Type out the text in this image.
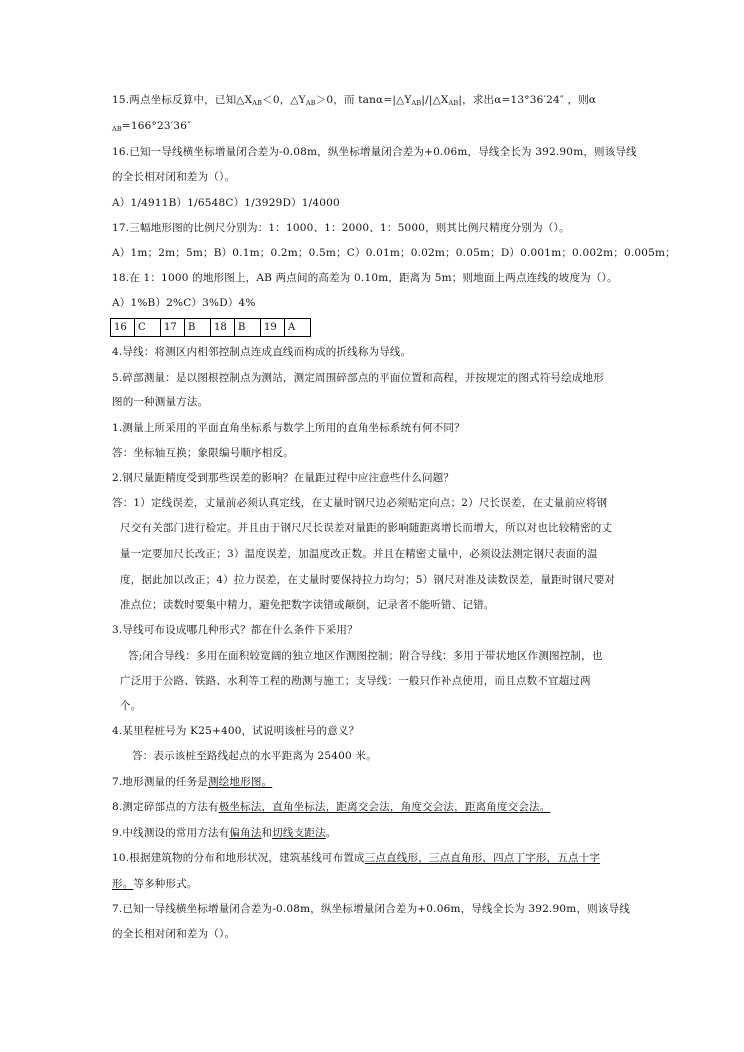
15.两点坐标反算中，已知$\triangle X_{AB}<0$，$\triangle Y_{AB}>0$，而 $\tan\alpha=|\triangle Y_{AB}|/|\triangle X_{AB}|$，求出α=13°36′24″ ，则α
$_{AB}$=166°23′36″
16.已知一导线横坐标增量闭合差为-0.08m，纵坐标增量闭合差为+0.06m，导线全长为 392.90m，则该导线
的全长相对闭和差为（）。
A）1/4911B）1/6548C）1/3929D）1/4000
17.三幅地形图的比例尺分别为：1：1000、1：2000、1：5000，则其比例尺精度分别为（）。
A）1m；2m；5m；B）0.1m；0.2m；0.5m；C）0.01m；0.02m；0.05m；D）0.001m；0.002m；0.005m；
18.在 1：1000 的地形图上，AB 两点间的高差为 0.10m，距离为 5m；则地面上两点连线的坡度为（）。
A）1%B）2%C）3%D）4%
16	C	17	B	18	B	19	A
4.导线：将测区内相邻控制点连成直线而构成的折线称为导线。
5.碎部测量：是以图根控制点为测站，测定周围碎部点的平面位置和高程，并按规定的图式符号绘成地形
图的一种测量方法。
1.测量上所采用的平面直角坐标系与数学上所用的直角坐标系统有何不同？
答：坐标轴互换；象限编号顺序相反。
2.钢尺量距精度受到那些误差的影响？在量距过程中应注意些什么问题？
答：1）定线误差，丈量前必须认真定线，在丈量时钢尺边必须贴定向点；2）尺长误差，在丈量前应将钢
尺交有关部门进行检定。并且由于钢尺尺长误差对量距的影响随距离增长而增大，所以对也比较精密的丈
量一定要加尺长改正；3）温度误差，加温度改正数。并且在精密丈量中，必须设法测定钢尺表面的温
度，据此加以改正；4）拉力误差，在丈量时要保持拉力均匀；5）钢尺对准及读数误差，量距时钢尺要对
准点位；读数时要集中精力，避免把数字读错或颠倒，记录者不能听错、记错。
3.导线可布设成哪几种形式？都在什么条件下采用？
答;闭合导线：多用在面积较宽阔的独立地区作测图控制；附合导线：多用于带状地区作测图控制，也
广泛用于公路、铁路、水利等工程的勘测与施工；支导线：一般只作补点使用，而且点数不宜超过两
个。
4.某里程桩号为 K25+400，试说明该桩号的意义？
答：表示该桩至路线起点的水平距离为 25400 米。
7.地形测量的任务是测绘地形图。
8.测定碎部点的方法有极坐标法，直角坐标法，距离交会法，角度交会法，距离角度交会法。
9.中线测设的常用方法有偏角法和切线支距法。
10.根据建筑物的分布和地形状况，建筑基线可布置成三点直线形，三点直角形，四点丁字形，五点十字
形。等多种形式。
7.已知一导线横坐标增量闭合差为-0.08m，纵坐标增量闭合差为+0.06m，导线全长为 392.90m，则该导线
的全长相对闭和差为（）。
